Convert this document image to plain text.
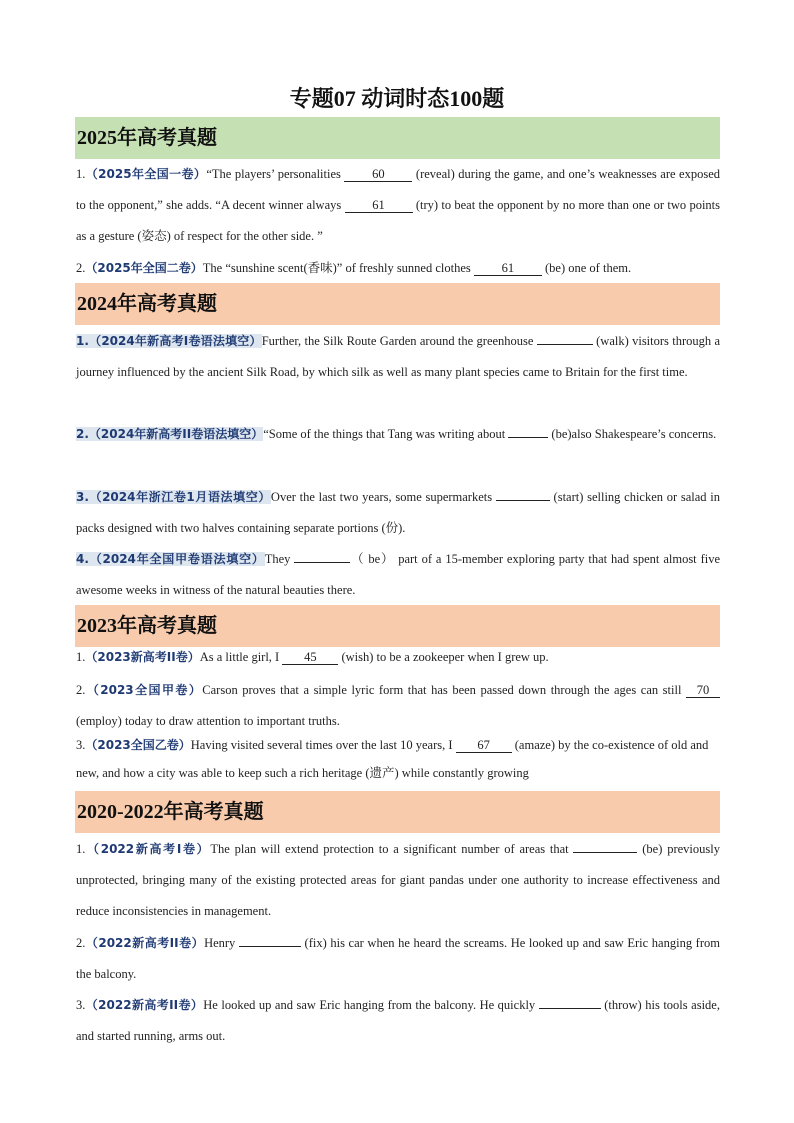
专题07 动词时态100题
2025年高考真题
1.（2025年全国一卷）“The players’ personalities 60 (reveal) during the game, and one’s weaknesses are exposed to the opponent,” she adds. “A decent winner always 61 (try) to beat the opponent by no more than one or two points as a gesture (姿态) of respect for the other side. ”
2.（2025年全国二卷）The “sunshine scent(香味)” of freshly sunned clothes 61 (be) one of them.
2024年高考真题
1.（2024年新高考I卷语法填空）Further, the Silk Route Garden around the greenhouse	(walk) visitors through a journey influenced by the ancient Silk Road, by which silk as well as many plant species came to Britain for the first time.
2.（2024年新高考II卷语法填空）“Some of the things that Tang was writing about	(be)also Shakespeare’s concerns.
3.（2024年浙江卷1月语法填空）Over the last two years, some supermarkets	(start) selling chicken or salad in packs designed with two halves containing separate portions (份).
4.（2024年全国甲卷语法填空）They	（ be） part of a 15-member exploring party that had spent almost five awesome weeks in witness of the natural beauties there.
2023年高考真题
1.（2023新高考II卷）As a little girl, I 45 (wish) to be a zookeeper when I grew up.
2.（2023全国甲卷）Carson proves that a simple lyric form that has been passed down through the ages can still 70 (employ) today to draw attention to important truths.
3.（2023全国乙卷）Having visited several times over the last 10 years, I 67 (amaze) by the co-existence of old and new, and how a city was able to keep such a rich heritage (遗产) while constantly growing
2020-2022年高考真题
1.（2022新高考I卷）The plan will extend protection to a significant number of areas that	(be) previously unprotected, bringing many of the existing protected areas for giant pandas under one authority to increase effectiveness and reduce inconsistencies in management.
2.（2022新高考II卷）Henry	(fix) his car when he heard the screams. He looked up and saw Eric hanging from the balcony.
3.（2022新高考II卷）He looked up and saw Eric hanging from the balcony. He quickly	(throw) his tools aside, and started running, arms out.
